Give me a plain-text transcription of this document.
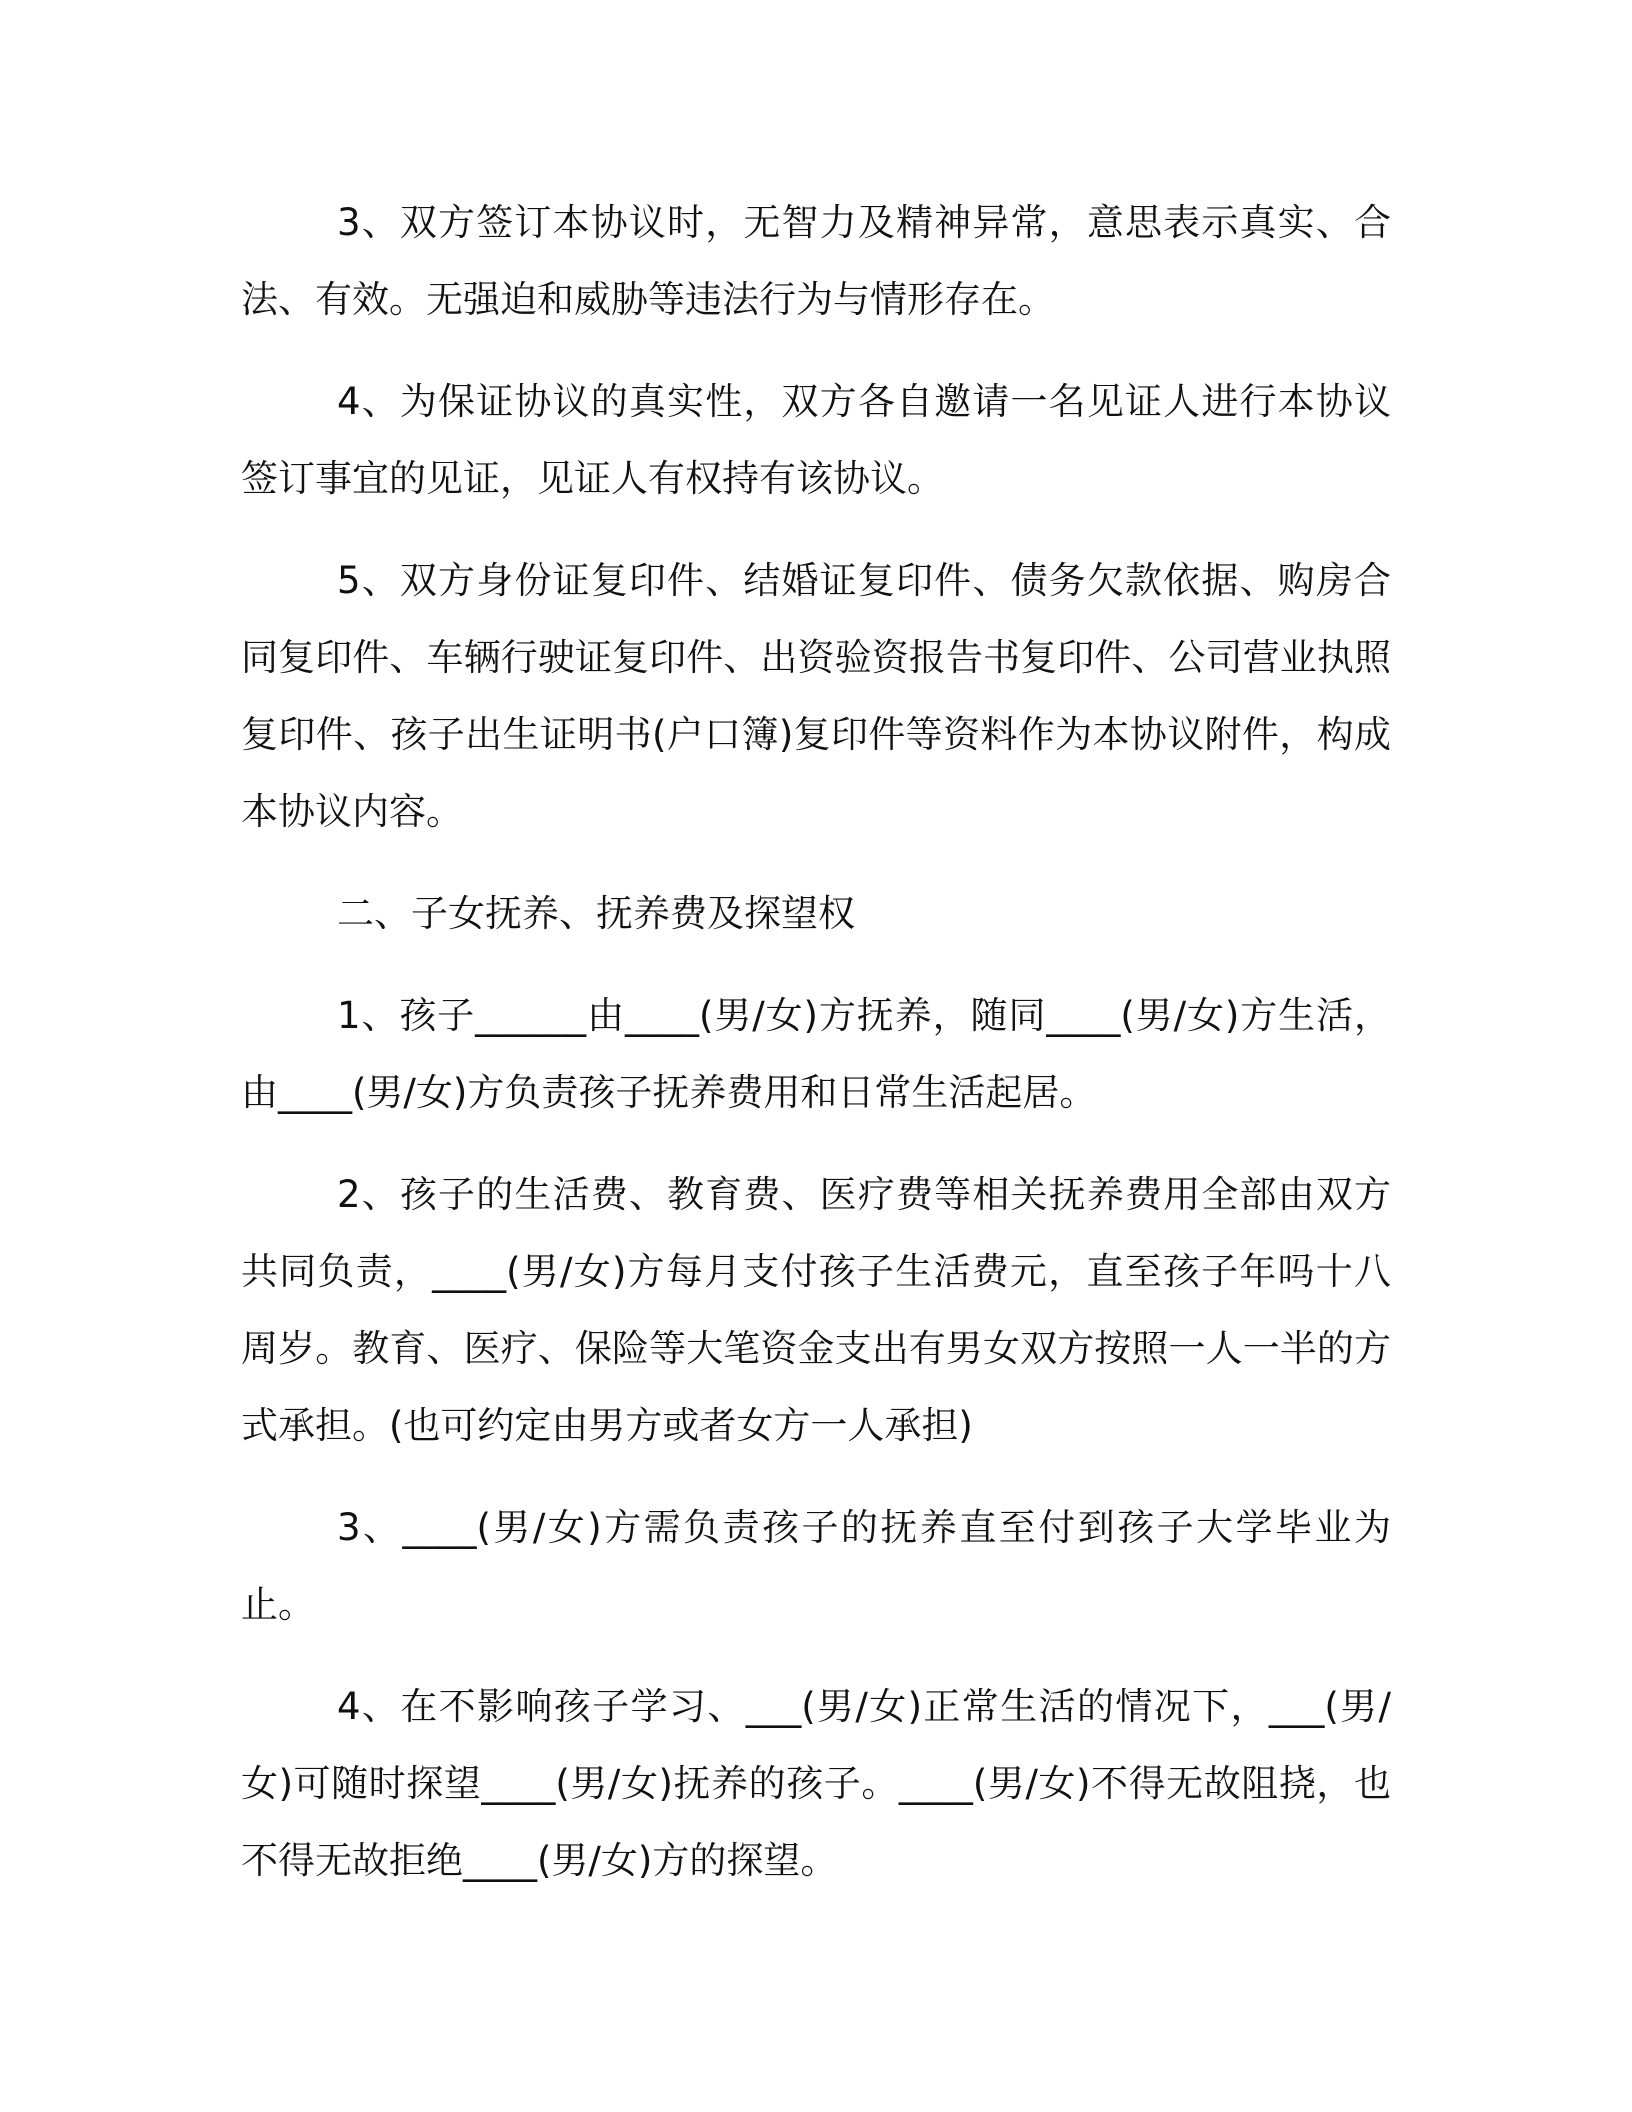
3、双方签订本协议时，无智力及精神异常，意思表示真实、合法、有效。无强迫和威胁等违法行为与情形存在。

4、为保证协议的真实性，双方各自邀请一名见证人进行本协议签订事宜的见证，见证人有权持有该协议。

5、双方身份证复印件、结婚证复印件、债务欠款依据、购房合同复印件、车辆行驶证复印件、出资验资报告书复印件、公司营业执照复印件、孩子出生证明书(户口簿)复印件等资料作为本协议附件，构成本协议内容。

二、子女抚养、抚养费及探望权

1、孩子______由____(男/女)方抚养，随同____(男/女)方生活，由____(男/女)方负责孩子抚养费用和日常生活起居。

2、孩子的生活费、教育费、医疗费等相关抚养费用全部由双方共同负责，____(男/女)方每月支付孩子生活费元，直至孩子年吗十八周岁。教育、医疗、保险等大笔资金支出有男女双方按照一人一半的方式承担。(也可约定由男方或者女方一人承担)

3、____(男/女)方需负责孩子的抚养直至付到孩子大学毕业为止。

4、在不影响孩子学习、___(男/女)正常生活的情况下，___(男/女)可随时探望____(男/女)抚养的孩子。____(男/女)不得无故阻挠，也不得无故拒绝____(男/女)方的探望。
